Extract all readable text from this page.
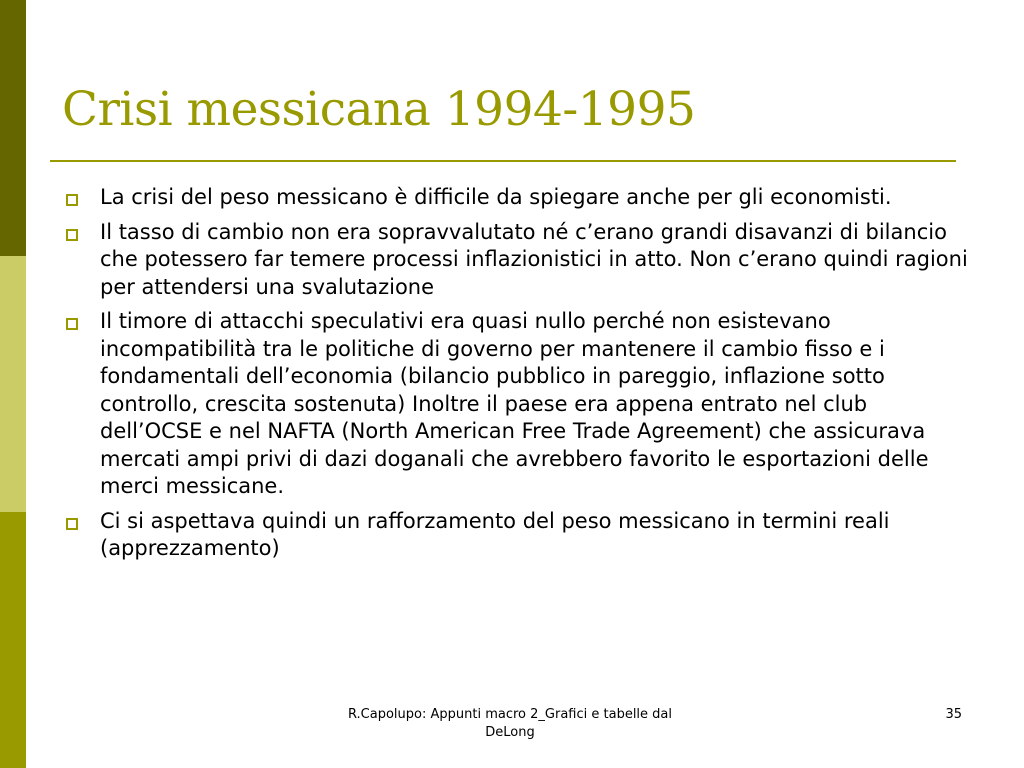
Crisi messicana 1994-1995
La crisi del peso messicano è difficile da spiegare anche per gli economisti.
Il tasso di cambio non era sopravvalutato né c’erano grandi disavanzi di bilancio che potessero far temere processi inflazionistici in atto. Non c’erano quindi ragioni per attendersi una svalutazione
Il timore di attacchi speculativi era quasi nullo perché non esistevano incompatibilità tra le politiche di governo per mantenere il cambio fisso e i fondamentali dell’economia (bilancio pubblico in pareggio, inflazione sotto controllo, crescita sostenuta) Inoltre il paese era appena entrato nel club dell’OCSE e nel NAFTA (North American Free Trade Agreement) che assicurava mercati ampi privi di dazi doganali che avrebbero favorito le esportazioni delle merci messicane.
Ci si aspettava quindi un rafforzamento del peso messicano in termini reali (apprezzamento)
R.Capolupo: Appunti macro 2_Grafici e tabelle dal DeLong
35
